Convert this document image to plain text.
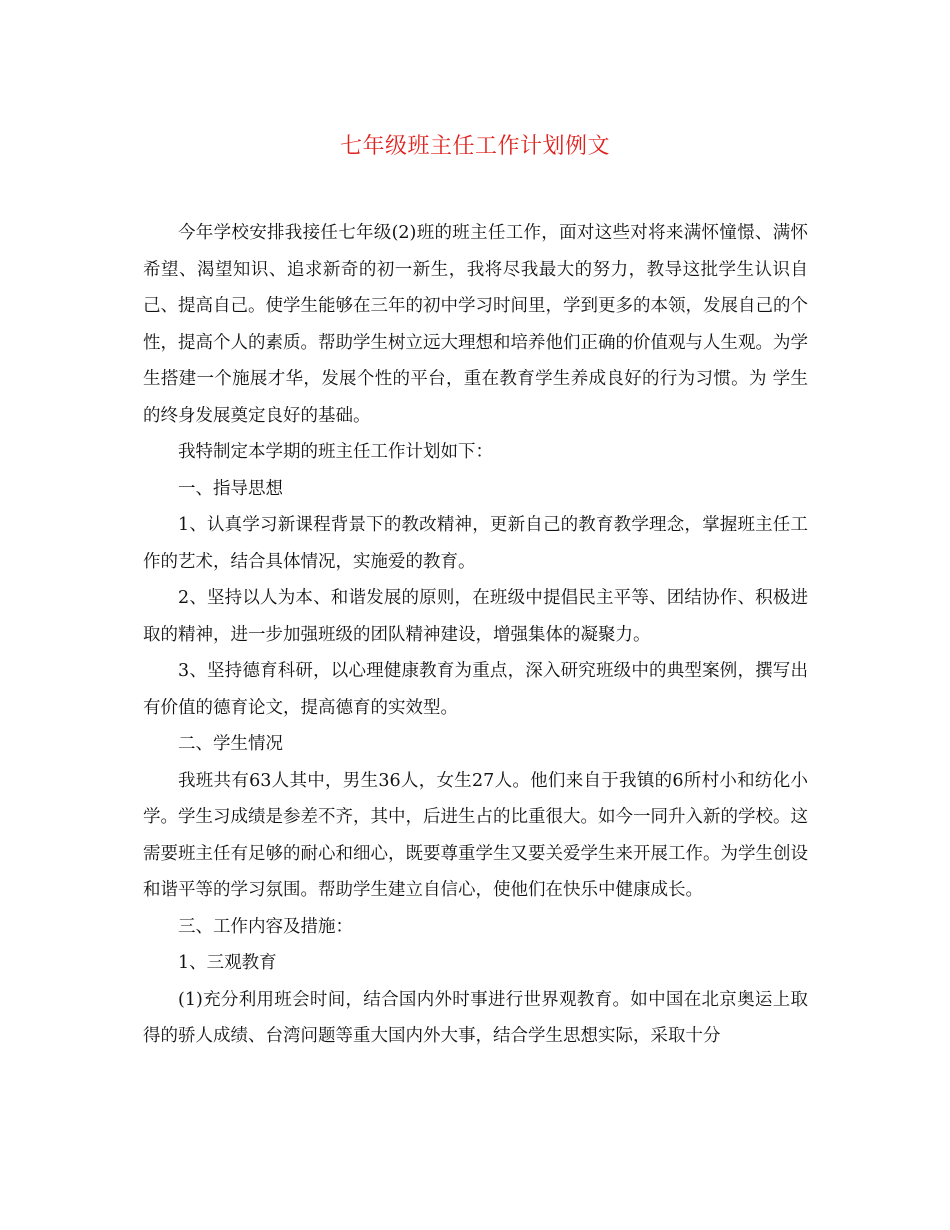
七年级班主任工作计划例文

今年学校安排我接任七年级(2)班的班主任工作，面对这些对将来满怀憧憬、满怀希望、渴望知识、追求新奇的初一新生，我将尽我最大的努力，教导这批学生认识自己、提高自己。使学生能够在三年的初中学习时间里，学到更多的本领，发展自己的个性，提高个人的素质。帮助学生树立远大理想和培养他们正确的价值观与人生观。为学生搭建一个施展才华，发展个性的平台，重在教育学生养成良好的行为习惯。为 学生的终身发展奠定良好的基础。

我特制定本学期的班主任工作计划如下：

一、指导思想

1、认真学习新课程背景下的教改精神，更新自己的教育教学理念，掌握班主任工作的艺术，结合具体情况，实施爱的教育。

2、坚持以人为本、和谐发展的原则，在班级中提倡民主平等、团结协作、积极进取的精神，进一步加强班级的团队精神建设，增强集体的凝聚力。

3、坚持德育科研，以心理健康教育为重点，深入研究班级中的典型案例，撰写出有价值的德育论文，提高德育的实效型。

二、学生情况

我班共有63人其中，男生36人，女生27人。他们来自于我镇的6所村小和纺化小学。学生习成绩是参差不齐，其中，后进生占的比重很大。如今一同升入新的学校。这需要班主任有足够的耐心和细心，既要尊重学生又要关爱学生来开展工作。为学生创设和谐平等的学习氛围。帮助学生建立自信心，使他们在快乐中健康成长。

三、工作内容及措施：

1、三观教育

(1)充分利用班会时间，结合国内外时事进行世界观教育。如中国在北京奥运上取得的骄人成绩、台湾问题等重大国内外大事，结合学生思想实际，采取十分
